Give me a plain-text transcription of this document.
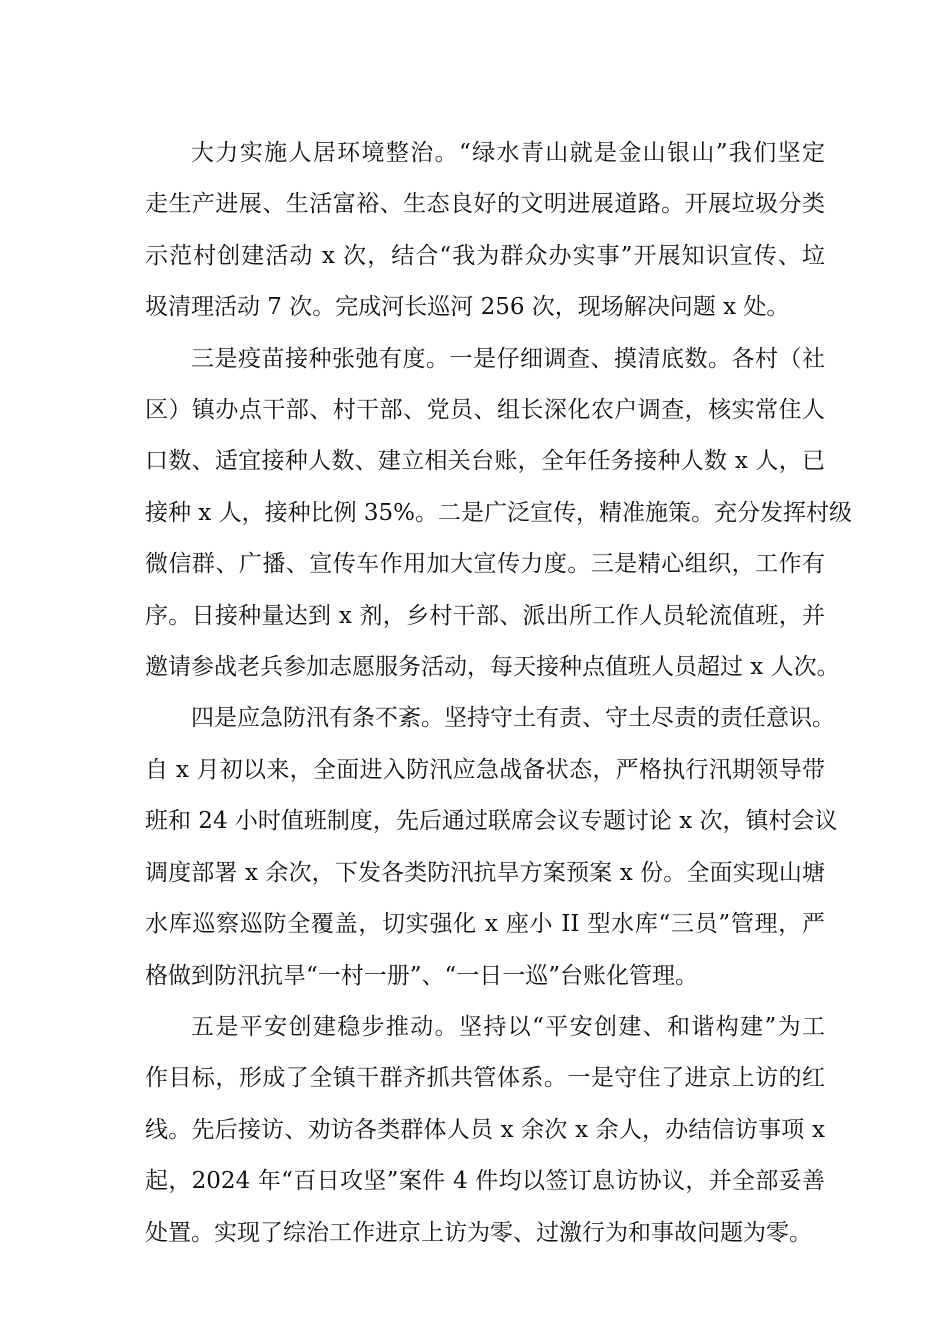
大力实施人居环境整治。“绿水青山就是金山银山”我们坚定
走生产进展、生活富裕、生态良好的文明进展道路。开展垃圾分类
示范村创建活动 x 次，结合“我为群众办实事”开展知识宣传、垃
圾清理活动 7 次。完成河长巡河 256 次，现场解决问题 x 处。
三是疫苗接种张弛有度。一是仔细调查、摸清底数。各村（社
区）镇办点干部、村干部、党员、组长深化农户调查，核实常住人
口数、适宜接种人数、建立相关台账，全年任务接种人数 x 人，已
接种 x 人，接种比例 35%。二是广泛宣传，精准施策。充分发挥村级
微信群、广播、宣传车作用加大宣传力度。三是精心组织，工作有
序。日接种量达到 x 剂，乡村干部、派出所工作人员轮流值班，并
邀请参战老兵参加志愿服务活动，每天接种点值班人员超过 x 人次。
四是应急防汛有条不紊。坚持守土有责、守土尽责的责任意识。
自 x 月初以来，全面进入防汛应急战备状态，严格执行汛期领导带
班和 24 小时值班制度，先后通过联席会议专题讨论 x 次，镇村会议
调度部署 x 余次，下发各类防汛抗旱方案预案 x 份。全面实现山塘
水库巡察巡防全覆盖，切实强化 x 座小 II 型水库“三员”管理，严
格做到防汛抗旱“一村一册”、“一日一巡”台账化管理。
五是平安创建稳步推动。坚持以“平安创建、和谐构建”为工
作目标，形成了全镇干群齐抓共管体系。一是守住了进京上访的红
线。先后接访、劝访各类群体人员 x 余次 x 余人，办结信访事项 x
起，2024 年“百日攻坚”案件 4 件均以签订息访协议，并全部妥善
处置。实现了综治工作进京上访为零、过激行为和事故问题为零。
